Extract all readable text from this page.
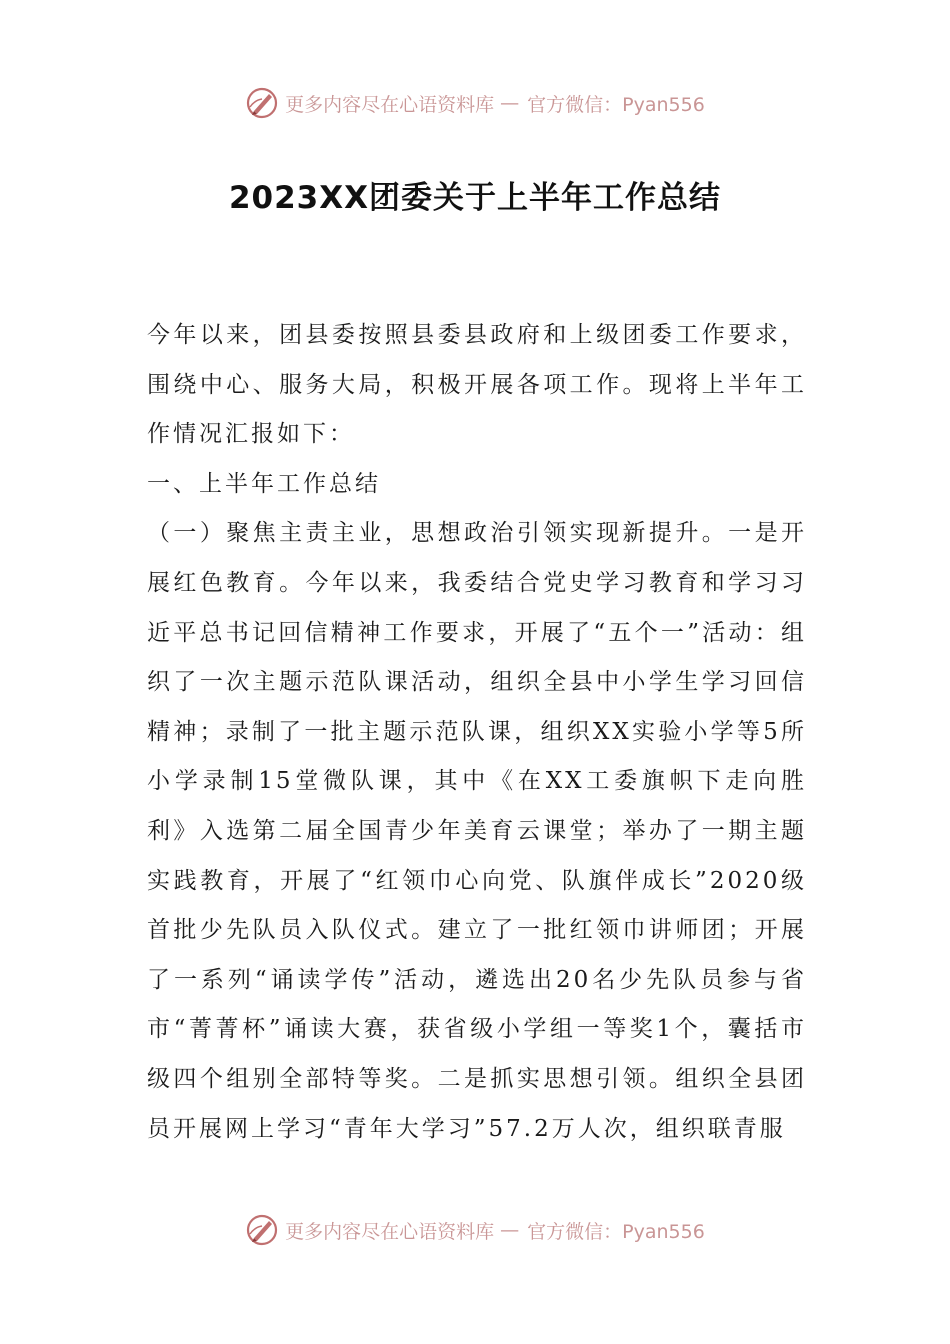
更多内容尽在心语资料库 — 官方微信：Pyan556
2023XX团委关于上半年工作总结

今年以来，团县委按照县委县政府和上级团委工作要求，围绕中心、服务大局，积极开展各项工作。现将上半年工作情况汇报如下：

一、上半年工作总结

（一）聚焦主责主业，思想政治引领实现新提升。一是开展红色教育。今年以来，我委结合党史学习教育和学习习近平总书记回信精神工作要求，开展了“五个一”活动：组织了一次主题示范队课活动，组织全县中小学生学习回信精神；录制了一批主题示范队课，组织XX实验小学等5所小学录制15堂微队课，其中《在XX工委旗帜下走向胜利》入选第二届全国青少年美育云课堂；举办了一期主题实践教育，开展了“红领巾心向党、队旗伴成长”2020级首批少先队员入队仪式。建立了一批红领巾讲师团；开展了一系列“诵读学传”活动，遴选出20名少先队员参与省市“菁菁杯”诵读大赛，获省级小学组一等奖1个，囊括市级四个组别全部特等奖。二是抓实思想引领。组织全县团员开展网上学习“青年大学习”57.2万人次，组织联青服

更多内容尽在心语资料库 — 官方微信：Pyan556
